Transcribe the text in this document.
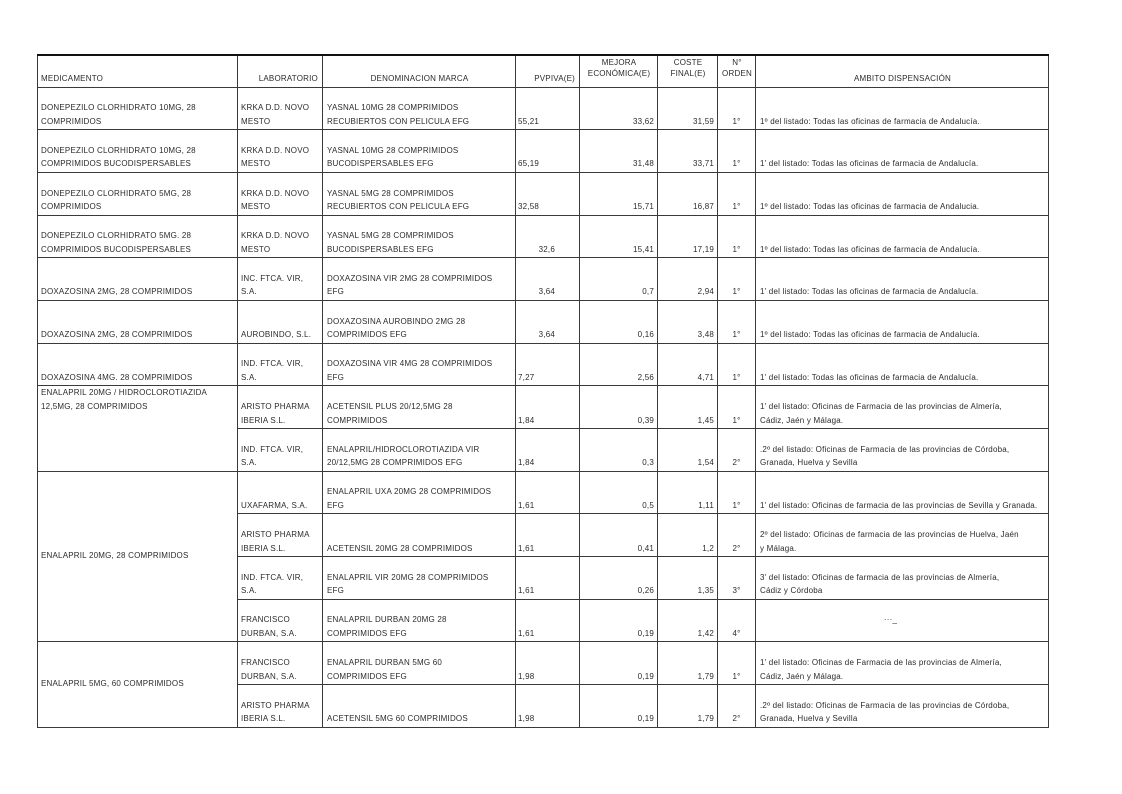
MEDICAMENTO	LABORATORIO	DENOMINACION MARCA	PVPIVA(E)	MEJORA ECONÓMICA(E)	COSTE FINAL(E)	N° ORDEN	AMBITO DISPENSACIÓN
DONEPEZILO CLORHIDRATO 10MG, 28 COMPRIMIDOS	KRKA D.D. NOVO MESTO	YASNAL 10MG 28 COMPRIMIDOS RECUBIERTOS CON PELICULA EFG	55,21	33,62	31,59	1°	1º del listado: Todas las oficinas de farmacia de Andalucía.
DONEPEZILO CLORHIDRATO 10MG, 28 COMPRIMIDOS BUCODISPERSABLES	KRKA D.D. NOVO MESTO	YASNAL 10MG 28 COMPRIMIDOS BUCODISPERSABLES EFG	65,19	31,48	33,71	1°	1' del listado: Todas las oficinas de farmacia de Andalucía.
DONEPEZILO CLORHIDRATO 5MG, 28 COMPRIMIDOS	KRKA D.D. NOVO MESTO	YASNAL 5MG 28 COMPRIMIDOS RECUBIERTOS CON PELICULA EFG	32,58	15,71	16,87	1°	1º del listado: Todas las oficinas de farmacia de Andalucia.
DONEPEZILO CLORHIDRATO 5MG. 28 COMPRIMIDOS BUCODISPERSABLES	KRKA D.D. NOVO MESTO	YASNAL 5MG 28 COMPRIMIDOS BUCODISPERSABLES EFG	32,6	15,41	17,19	1°	1º del listado: Todas las oficinas de farmacia de Andalucía.
DOXAZOSINA 2MG, 28 COMPRIMIDOS	INC. FTCA. VIR, S.A.	DOXAZOSINA VIR 2MG 28 COMPRIMIDOS EFG	3,64	0,7	2,94	1°	1' del listado: Todas las oficinas de farmacia de Andalucía.
DOXAZOSINA 2MG, 28 COMPRIMIDOS	AUROBINDO, S.L.	DOXAZOSINA AUROBINDO 2MG 28 COMPRIMIDOS EFG	3,64	0,16	3,48	1°	1º del listado: Todas las oficinas de farmacia de Andalucía.
DOXAZOSINA 4MG. 28 COMPRIMIDOS	IND. FTCA. VIR, S.A.	DOXAZOSINA VIR 4MG 28 COMPRIMIDOS EFG	7,27	2,56	4,71	1°	1' del listado: Todas las oficinas de farmacia de Andalucía.
ENALAPRIL 20MG / HIDROCLOROTIAZIDA 12,5MG, 28 COMPRIMIDOS	ARISTO PHARMA IBERIA S.L.	ACETENSIL PLUS 20/12,5MG 28 COMPRIMIDOS	1,84	0,39	1,45	1°	1' del listado: Oficinas de Farmacia de las provincias de Almería, Cádiz, Jaén y Málaga.
	IND. FTCA. VIR, S.A.	ENALAPRIL/HIDROCLOROTIAZIDA VIR 20/12,5MG 28 COMPRIMIDOS EFG	1,84	0,3	1,54	2°	.2º del listado: Oficinas de Farmacia de las provincias de Córdoba, Granada, Huelva y Sevilla
ENALAPRIL 20MG, 28 COMPRIMIDOS	UXAFARMA, S.A.	ENALAPRIL UXA 20MG 28 COMPRIMIDOS EFG	1,61	0,5	1,11	1°	1' del listado: Oficinas de farmacia de las provincias de Sevilla y Granada.
	ARISTO PHARMA IBERIA S.L.	ACETENSIL 20MG 28 COMPRIMIDOS	1,61	0,41	1,2	2°	2º del listado: Oficinas de farmacia de las provincias de Huelva, Jaén y Málaga.
	IND. FTCA. VIR, S.A.	ENALAPRIL VIR 20MG 28 COMPRIMIDOS EFG	1,61	0,26	1,35	3°	3' del listado: Oficinas de farmacia de las provincias de Almería, Cádiz y Córdoba
	FRANCISCO DURBAN, S.A.	ENALAPRIL DURBAN 20MG 28 COMPRIMIDOS EFG	1,61	0,19	1,42	4°	···_
ENALAPRIL 5MG, 60 COMPRIMIDOS	FRANCISCO DURBAN, S.A.	ENALAPRIL DURBAN 5MG 60 COMPRIMIDOS EFG	1,98	0,19	1,79	1°	1' del listado: Oficinas de Farmacia de las provincias de Almería, Cádiz, Jaén y Málaga.
	ARISTO PHARMA IBERIA S.L.	ACETENSIL 5MG 60 COMPRIMIDOS	1,98	0,19	1,79	2°	.2º del listado: Oficinas de Farmacia de las provincias de Córdoba, Granada, Huelva y Sevilla
